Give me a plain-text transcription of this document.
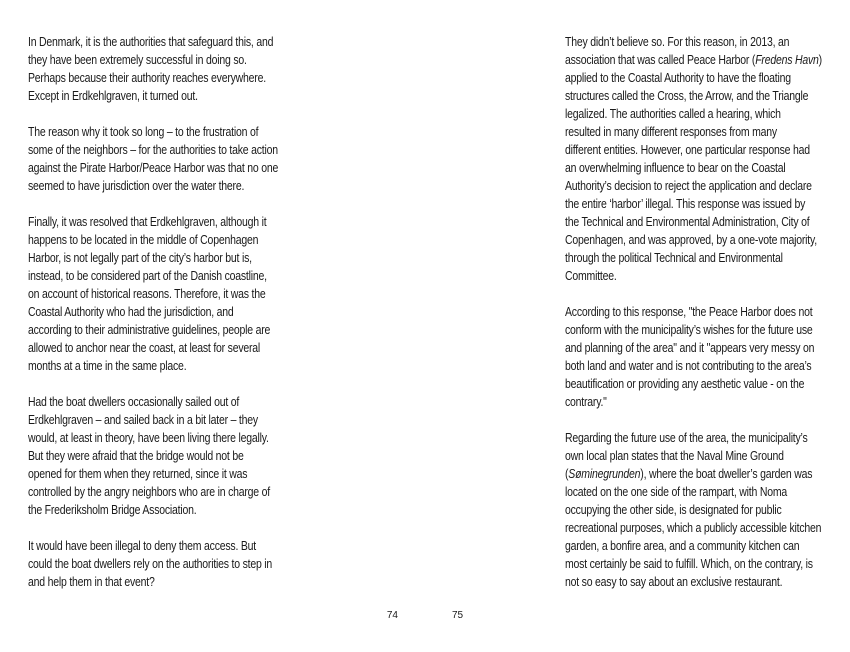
In Denmark, it is the authorities that safeguard this, and
they have been extremely successful in doing so.
Perhaps because their authority reaches everywhere.
Except in Erdkehlgraven, it turned out.

The reason why it took so long – to the frustration of
some of the neighbors – for the authorities to take action
against the Pirate Harbor/Peace Harbor was that no one
seemed to have jurisdiction over the water there.

Finally, it was resolved that Erdkehlgraven, although it
happens to be located in the middle of Copenhagen
Harbor, is not legally part of the city’s harbor but is,
instead, to be considered part of the Danish coastline,
on account of historical reasons. Therefore, it was the
Coastal Authority who had the jurisdiction, and
according to their administrative guidelines, people are
allowed to anchor near the coast, at least for several
months at a time in the same place.

Had the boat dwellers occasionally sailed out of
Erdkehlgraven – and sailed back in a bit later – they
would, at least in theory, have been living there legally.
But they were afraid that the bridge would not be
opened for them when they returned, since it was
controlled by the angry neighbors who are in charge of
the Frederiksholm Bridge Association.

It would have been illegal to deny them access. But
could the boat dwellers rely on the authorities to step in
and help them in that event?

74

They didn’t believe so. For this reason, in 2013, an
association that was called Peace Harbor (Fredens Havn)
applied to the Coastal Authority to have the floating
structures called the Cross, the Arrow, and the Triangle
legalized. The authorities called a hearing, which
resulted in many different responses from many
different entities. However, one particular response had
an overwhelming influence to bear on the Coastal
Authority’s decision to reject the application and declare
the entire ‘harbor’ illegal. This response was issued by
the Technical and Environmental Administration, City of
Copenhagen, and was approved, by a one-vote majority,
through the political Technical and Environmental
Committee.

According to this response, "the Peace Harbor does not
conform with the municipality’s wishes for the future use
and planning of the area" and it "appears very messy on
both land and water and is not contributing to the area’s
beautification or providing any aesthetic value - on the
contrary."

Regarding the future use of the area, the municipality’s
own local plan states that the Naval Mine Ground
(Søminegrunden), where the boat dweller’s garden was
located on the one side of the rampart, with Noma
occupying the other side, is designated for public
recreational purposes, which a publicly accessible kitchen
garden, a bonfire area, and a community kitchen can
most certainly be said to fulfill. Which, on the contrary, is
not so easy to say about an exclusive restaurant.

75
